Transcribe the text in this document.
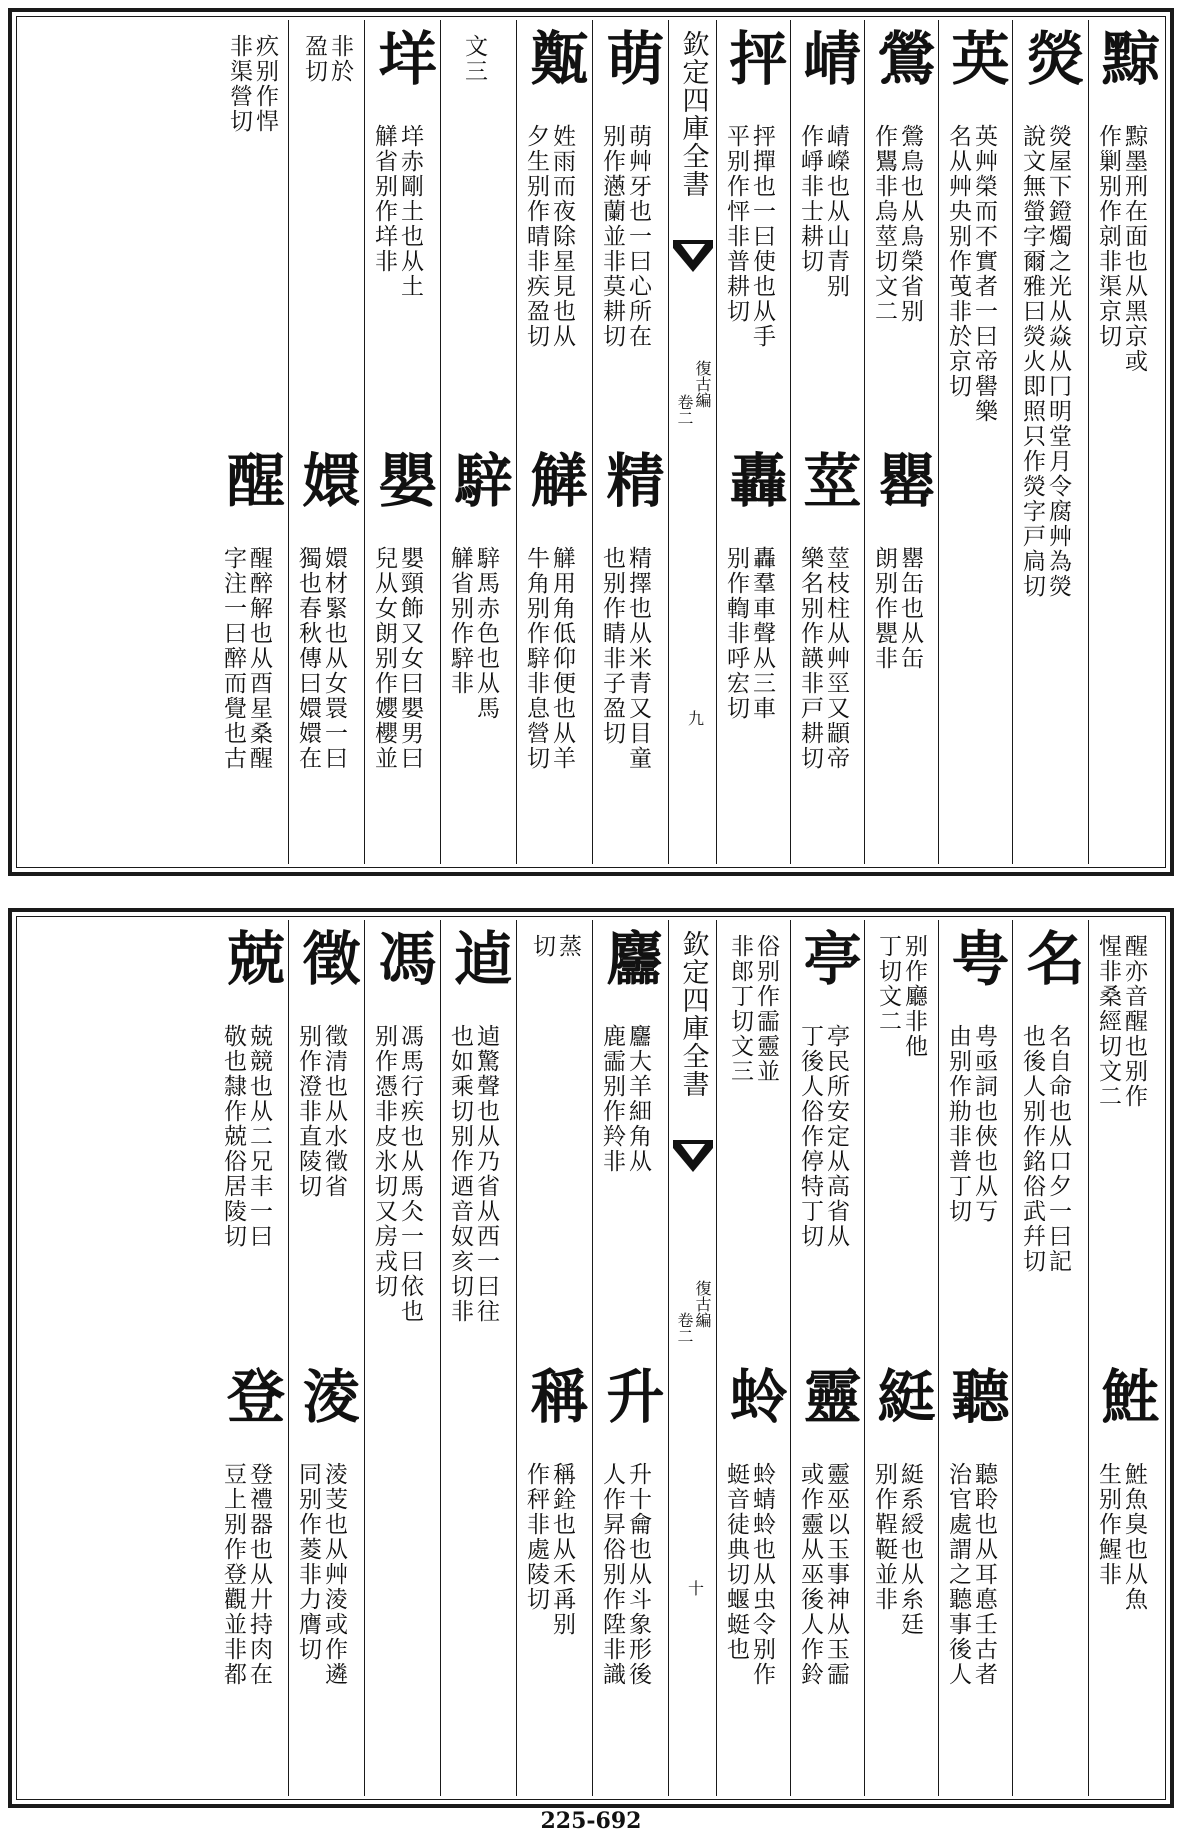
黥
黥墨刑在面也从黑京或
作剿别作剠非渠京切
熒
熒屋下鐙燭之光从焱从冂明堂月令腐艸為熒
說文無螢字爾雅曰熒火即照只作熒字戸扃切
英
英艸榮而不實者一曰帝嚳樂
名从艸央别作䒶非於京切
鶯
鶯鳥也从鳥榮省别
作鸎非烏莖切文二
罌
罌缶也从缶
朗别作甖非
崝
崝嶸也从山青别
作崢非士耕切
莖
莖枝柱从艸巠又顓帝
樂名别作韺非戸耕切
抨
抨撣也一曰使也从手
平别作怦非普耕切
轟
轟羣車聲从三車
别作輷非呼宏切
欽定四庫全書
復古編
卷二
九
萌
萌艸牙也一曰心所在
别作懣蘭並非莫耕切
精
精擇也从米青又目童
也别作睛非子盈切
㽀
姓雨而夜除星見也从
夕生别作晴非疾盈切
觲
觲用角低仰便也从羊
牛角别作騂非息營切
文三
騂
騂馬赤色也从馬
觲省别作騂非
垟
垟赤剛土也从土
觲省别作垟非
嬰
嬰頸飾又女曰嬰男曰
兒从女朗别作孆櫻並
非於
盈切
嬛
嬛材緊也从女睘一曰
獨也春秋傳曰嬛嬛在
疚别作悍
非渠營切
醒
醒醉解也从酉星桑醒
字注一曰醉而覺也古
醒亦音醒也别作
惺非桑經切文二
鮏
鮏魚臭也从魚
生别作鯹非
名
名自命也从口夕一曰記
也後人别作銘俗武幷切
甹
甹亟詞也俠也从丂
由别作㔙非普丁切
聽
聽聆也从耳悳壬古者
治官處謂之聽事後人
别作廳非他
丁切文二
綎
綎系綬也从糸廷
别作鞓䩠並非
亭
亭民所安定从高省从
丁後人俗作停特丁切
靈
靈巫以玉事神从玉霝
或作靈从巫後人作鈴
俗别作霝靈並
非郎丁切文三
蛉
蛉蜻蛉也从虫令别作
蜓音徒典切蝘蜓也
欽定四庫全書
復古編
卷二
十
麢
麢大羊細角从
鹿霝别作羚非
升
升十龠也从斗象形後
人作昇俗别作陞非識
蒸
切
稱
稱銓也从禾爯别
作秤非處陵切
逌
逌驚聲也从乃省从西一曰往
也如乘切别作迺音奴亥切非
馮
馮馬行疾也从馬仌一曰依也
别作憑非皮氷切又房戎切
徵
徵清也从水徵省
别作澄非直陵切
淩
淩芰也从艸淩或作遴
同别作菱非力膺切
兢
兢競也从二兄丰一曰
敬也隸作兢俗居陵切
登
登禮器也从廾持肉在
豆上别作登觀並非都
225-692
